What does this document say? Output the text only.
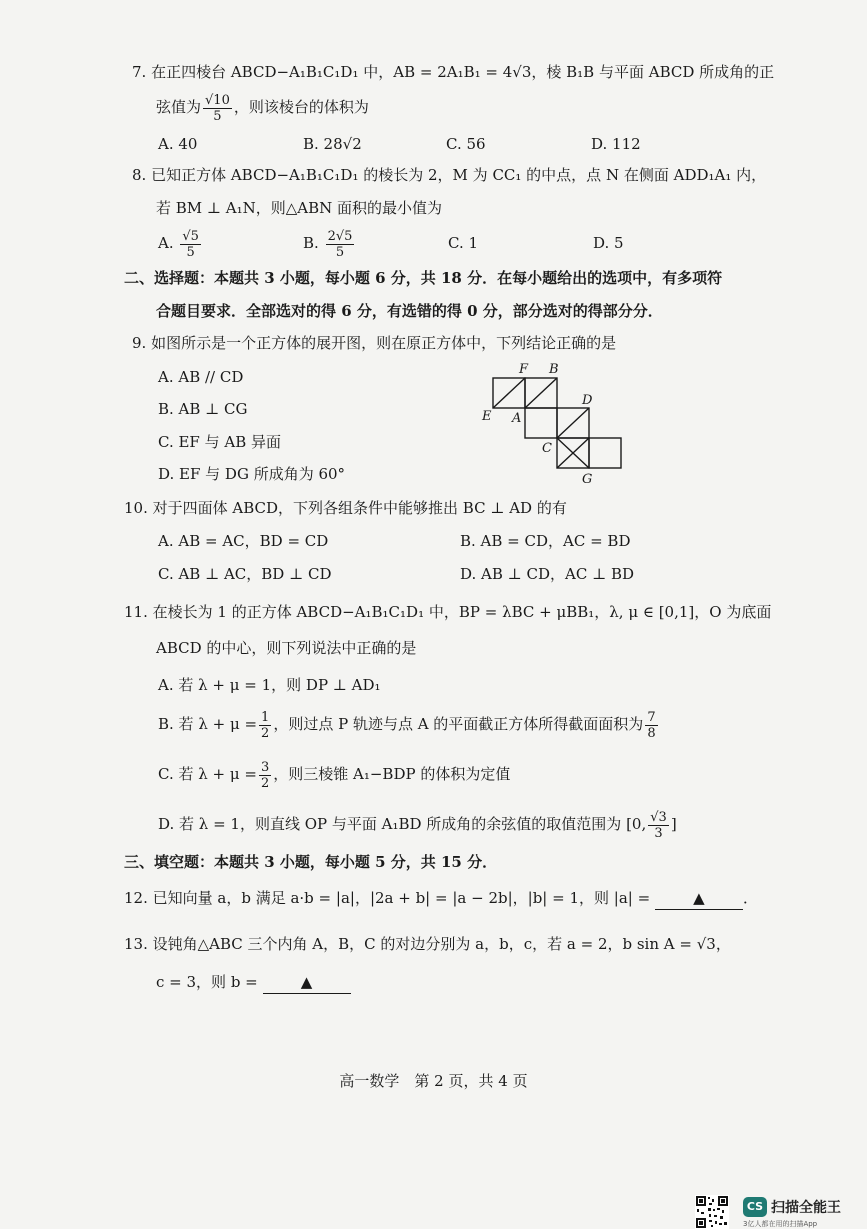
7. 在正四棱台 ABCD−A₁B₁C₁D₁ 中，AB = 2A₁B₁ = 4√3，棱 B₁B 与平面 ABCD 所成角的正
弦值为 $\frac{√10}{5}$ ，则该棱台的体积为
A. 40	B. 28√2	C. 56	D. 112
8. 已知正方体 ABCD−A₁B₁C₁D₁ 的棱长为 2，M 为 CC₁ 的中点，点 N 在侧面 ADD₁A₁ 内，
若 BM ⊥ A₁N，则△ABN 面积的最小值为
A. $\frac{√5}{5}$	B. $\frac{2√5}{5}$	C. 1	D. 5
二、选择题：本题共 3 小题，每小题 6 分，共 18 分．在每小题给出的选项中，有多项符
合题目要求．全部选对的得 6 分，有选错的得 0 分，部分选对的得部分分．
9. 如图所示是一个正方体的展开图，则在原正方体中，下列结论正确的是
A. AB // CD
B. AB ⊥ CG
C. EF 与 AB 异面
D. EF 与 DG 所成角为 60°
F B
E A
D
C
G
10. 对于四面体 ABCD，下列各组条件中能够推出 BC ⊥ AD 的有
A. AB = AC，BD = CD	B. AB = CD，AC = BD
C. AB ⊥ AC，BD ⊥ CD	D. AB ⊥ CD，AC ⊥ BD
11. 在棱长为 1 的正方体 ABCD−A₁B₁C₁D₁ 中，BP = λBC + μBB₁，λ, μ ∈ [0,1]，O 为底面
ABCD 的中心，则下列说法中正确的是
A. 若 λ + μ = 1，则 DP ⊥ AD₁
B. 若 $\lambda + \mu = \frac{1}{2}$ ，则过点 P 轨迹与点 A 的平面截正方体所得截面面积为 $\frac{7}{8}$
C. 若 $\lambda + \mu = \frac{3}{2}$ ，则三棱锥 A₁−BDP 的体积为定值
D. 若 λ = 1，则直线 OP 与平面 A₁BD 所成角的余弦值的取值范围为 [0, $\frac{√3}{3}$ ]
三、填空题：本题共 3 小题，每小题 5 分，共 15 分．
12. 已知向量 a，b 满足 a·b = |a|，|2a + b| = |a − 2b|，|b| = 1，则 |a| =	▲	．
13. 设钝角△ABC 三个内角 A，B，C 的对边分别为 a，b，c，若 a = 2，b sin A = √3，
c = 3，则 b =	▲
高一数学　第 2 页，共 4 页
CS 扫描全能王
3亿人都在用的扫描App
